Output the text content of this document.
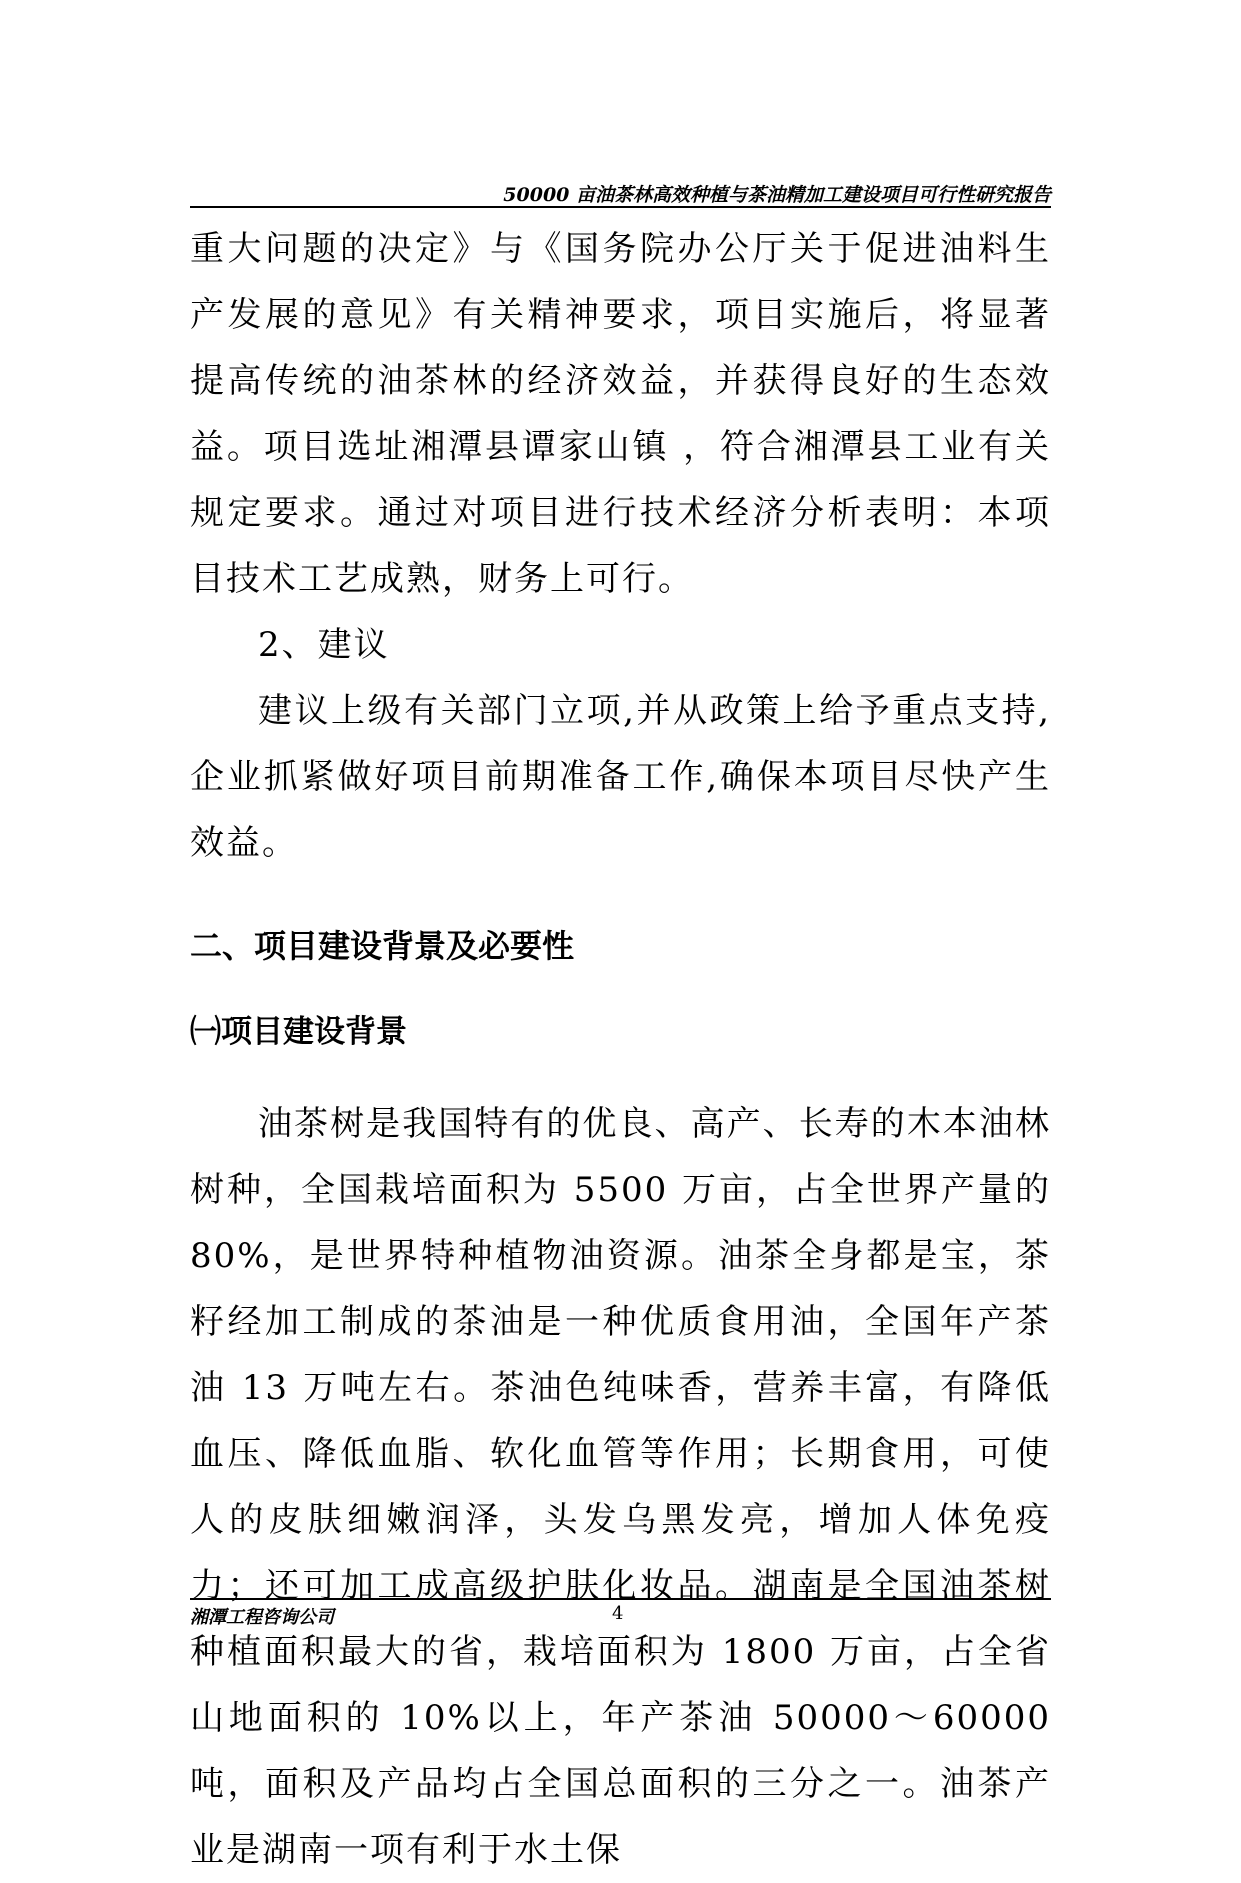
50000 亩油茶林高效种植与茶油精加工建设项目可行性研究报告

重大问题的决定》与《国务院办公厅关于促进油料生产发展的意见》有关精神要求，项目实施后，将显著提高传统的油茶林的经济效益，并获得良好的生态效益。项目选址湘潭县谭家山镇 ，符合湘潭县工业有关规定要求。通过对项目进行技术经济分析表明：本项目技术工艺成熟，财务上可行。

2、建议

建议上级有关部门立项,并从政策上给予重点支持,企业抓紧做好项目前期准备工作,确保本项目尽快产生效益。

二、项目建设背景及必要性
㈠项目建设背景

油茶树是我国特有的优良、高产、长寿的木本油林树种，全国栽培面积为 5500 万亩，占全世界产量的 80%，是世界特种植物油资源。油茶全身都是宝，茶籽经加工制成的茶油是一种优质食用油，全国年产茶油 13 万吨左右。茶油色纯味香，营养丰富，有降低血压、降低血脂、软化血管等作用；长期食用，可使人的皮肤细嫩润泽，头发乌黑发亮，增加人体免疫力；还可加工成高级护肤化妆品。湖南是全国油茶树种植面积最大的省，栽培面积为 1800 万亩，占全省山地面积的 10%以上，年产茶油 50000～60000 吨，面积及产品均占全国总面积的三分之一。油茶产业是湖南一项有利于水土保

湘潭工程咨询公司	4
